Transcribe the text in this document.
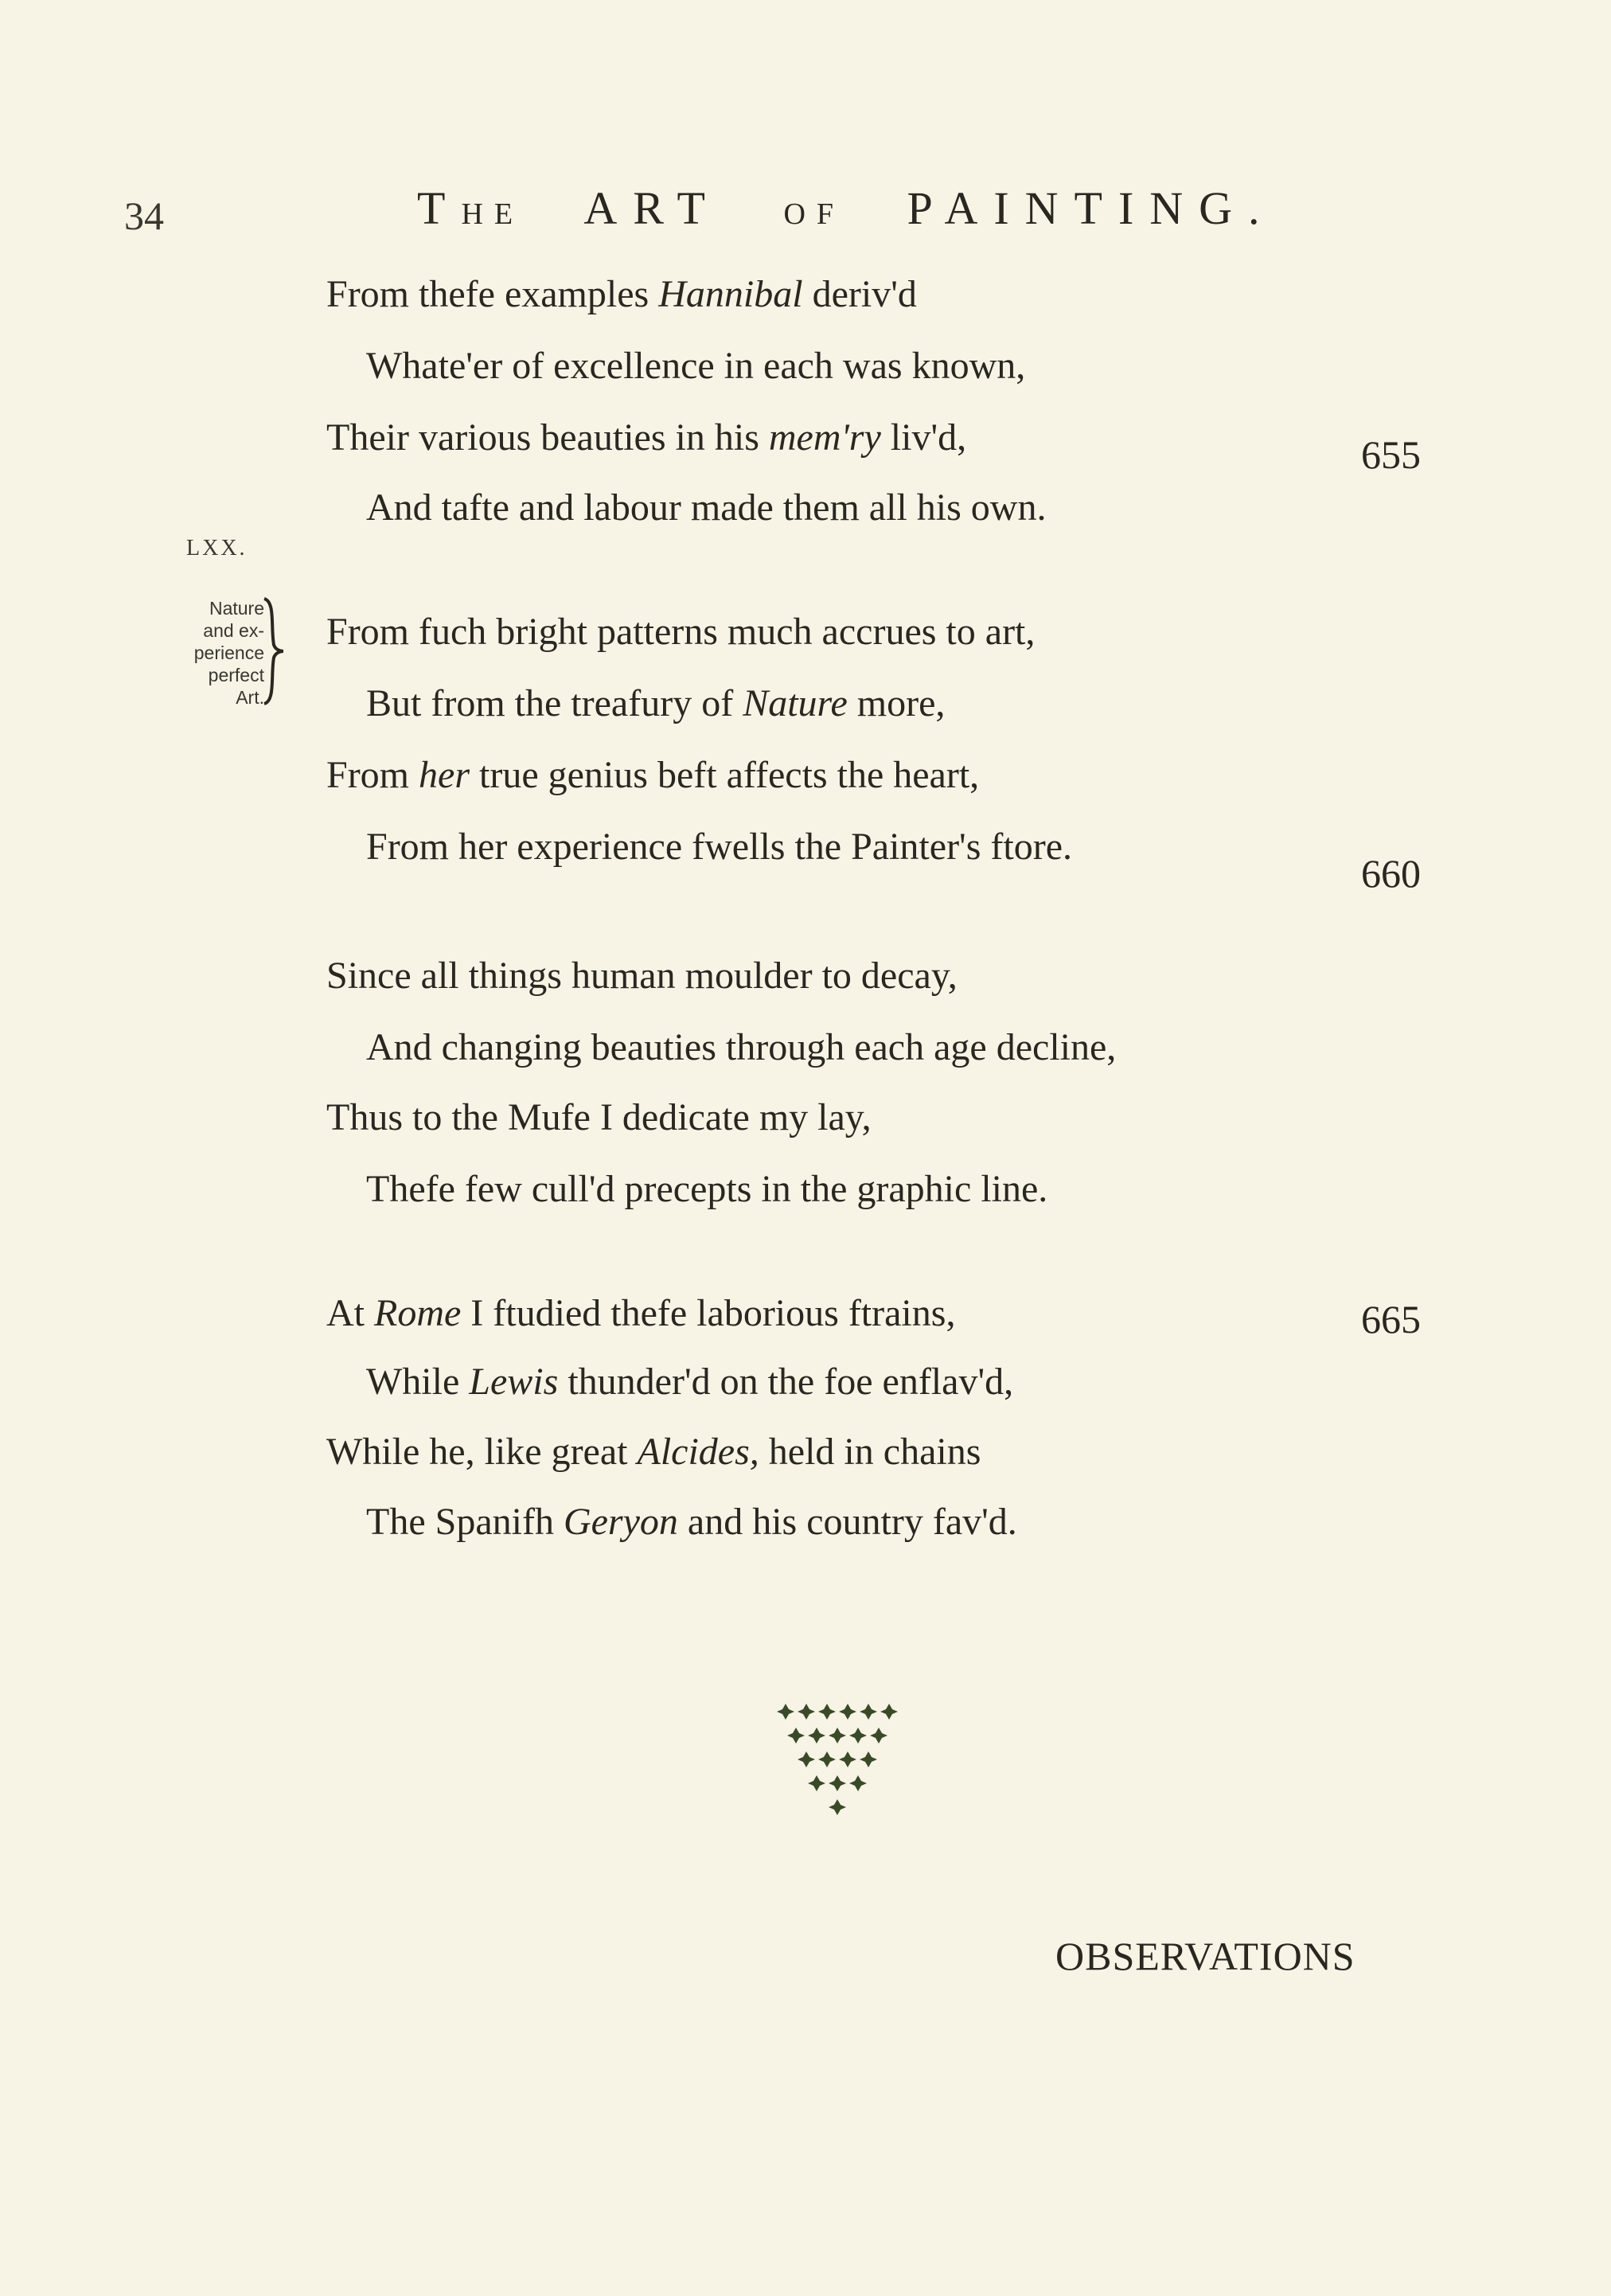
34	THE ART OF PAINTING.
LXX.
Nature
and ex-
perience
perfect
Art.
From thefe examples Hannibal deriv'd
Whate'er of excellence in each was known,
Their various beauties in his mem'ry liv'd,
And tafte and labour made them all his own.
From fuch bright patterns much accrues to art,
But from the treafury of Nature more,
From her true genius beft affects the heart,
From her experience fwells the Painter's ftore.
Since all things human moulder to decay,
And changing beauties through each age decline,
Thus to the Mufe I dedicate my lay,
Thefe few cull'd precepts in the graphic line.
At Rome I ftudied thefe laborious ftrains,
While Lewis thunder'd on the foe enflav'd,
While he, like great Alcides, held in chains
The Spanifh Geryon and his country fav'd.
655
660
665
OBSERVATIONS
